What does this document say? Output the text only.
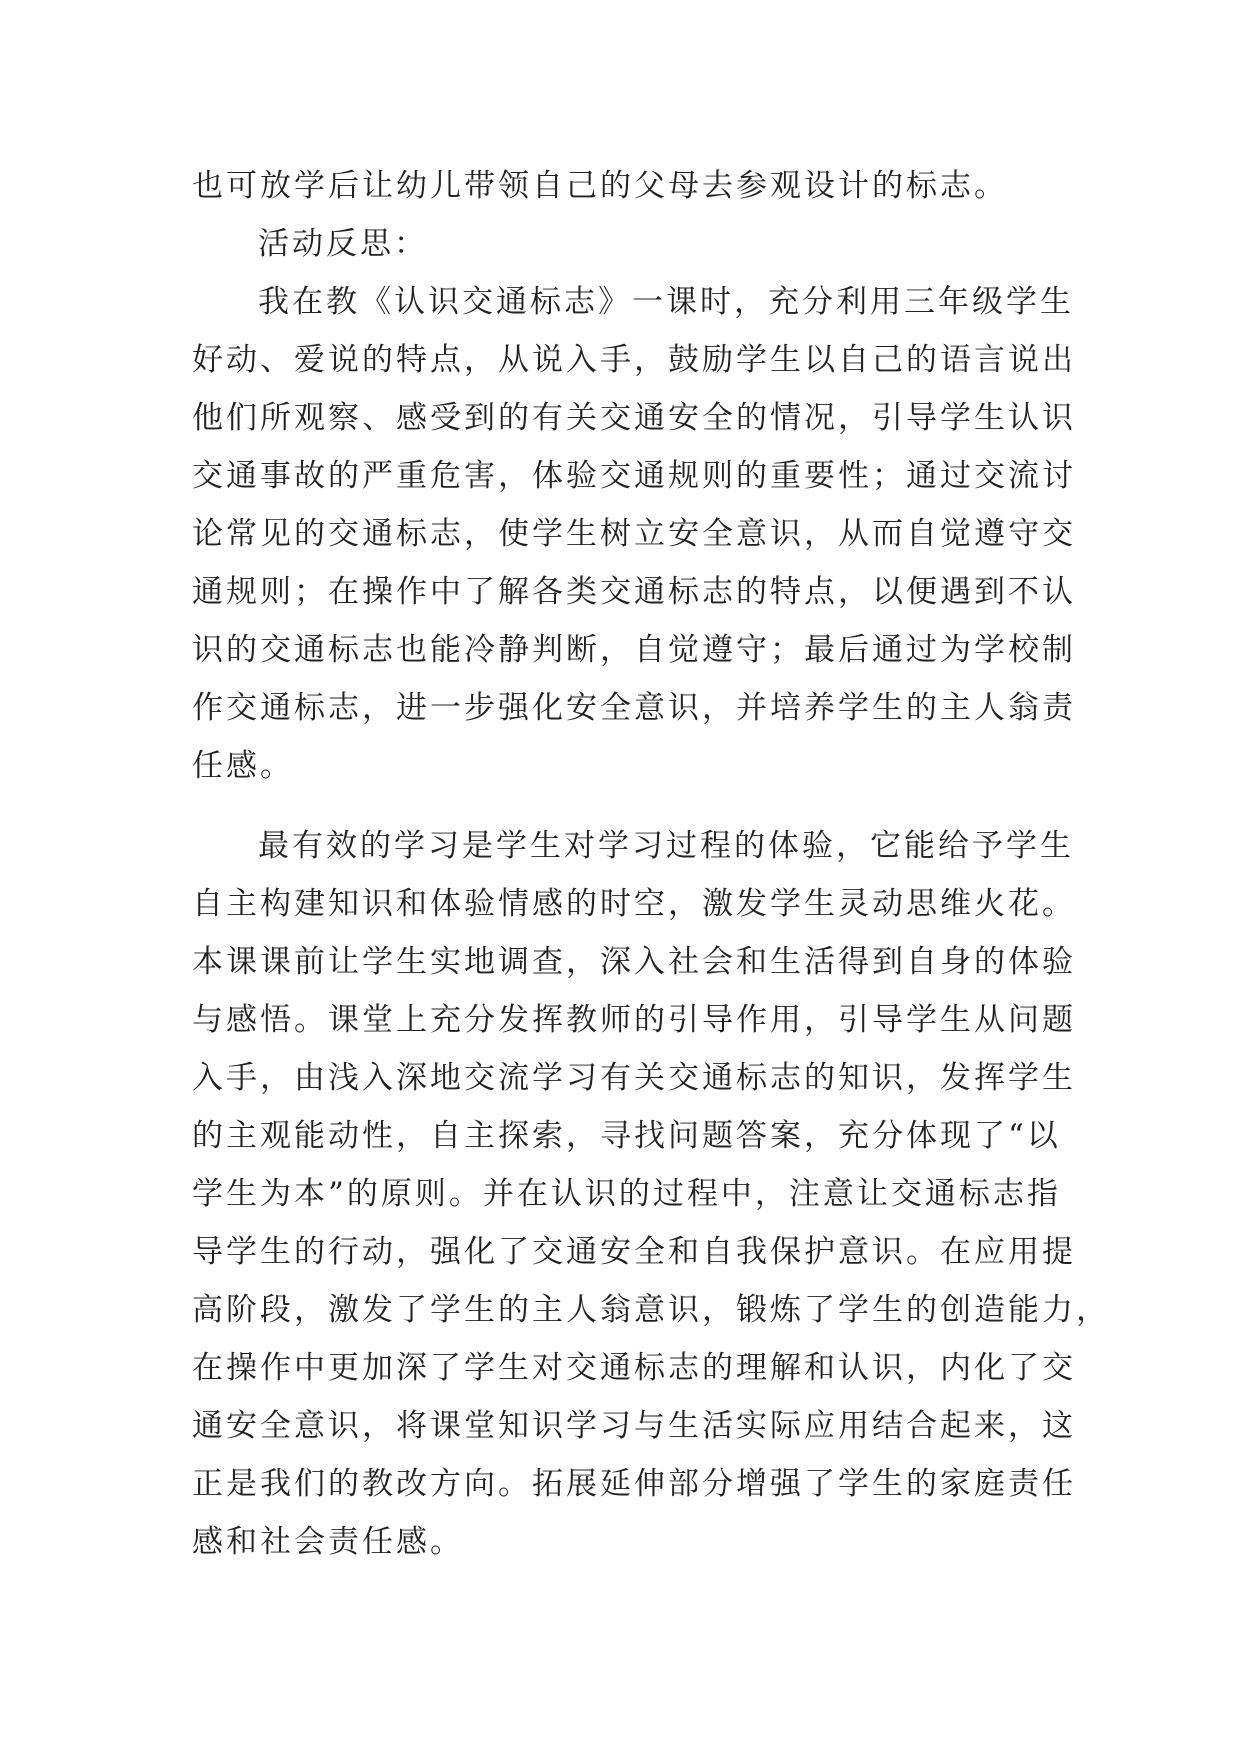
也可放学后让幼儿带领自己的父母去参观设计的标志。
活动反思：
我在教《认识交通标志》一课时，充分利用三年级学生
好动、爱说的特点，从说入手，鼓励学生以自己的语言说出
他们所观察、感受到的有关交通安全的情况，引导学生认识
交通事故的严重危害，体验交通规则的重要性；通过交流讨
论常见的交通标志，使学生树立安全意识，从而自觉遵守交
通规则；在操作中了解各类交通标志的特点，以便遇到不认
识的交通标志也能冷静判断，自觉遵守；最后通过为学校制
作交通标志，进一步强化安全意识，并培养学生的主人翁责
任感。
最有效的学习是学生对学习过程的体验，它能给予学生
自主构建知识和体验情感的时空，激发学生灵动思维火花。
本课课前让学生实地调查，深入社会和生活得到自身的体验
与感悟。课堂上充分发挥教师的引导作用，引导学生从问题
入手，由浅入深地交流学习有关交通标志的知识，发挥学生
的主观能动性，自主探索，寻找问题答案，充分体现了“以
学生为本”的原则。并在认识的过程中，注意让交通标志指
导学生的行动，强化了交通安全和自我保护意识。在应用提
高阶段，激发了学生的主人翁意识，锻炼了学生的创造能力，
在操作中更加深了学生对交通标志的理解和认识，内化了交
通安全意识，将课堂知识学习与生活实际应用结合起来，这
正是我们的教改方向。拓展延伸部分增强了学生的家庭责任
感和社会责任感。
